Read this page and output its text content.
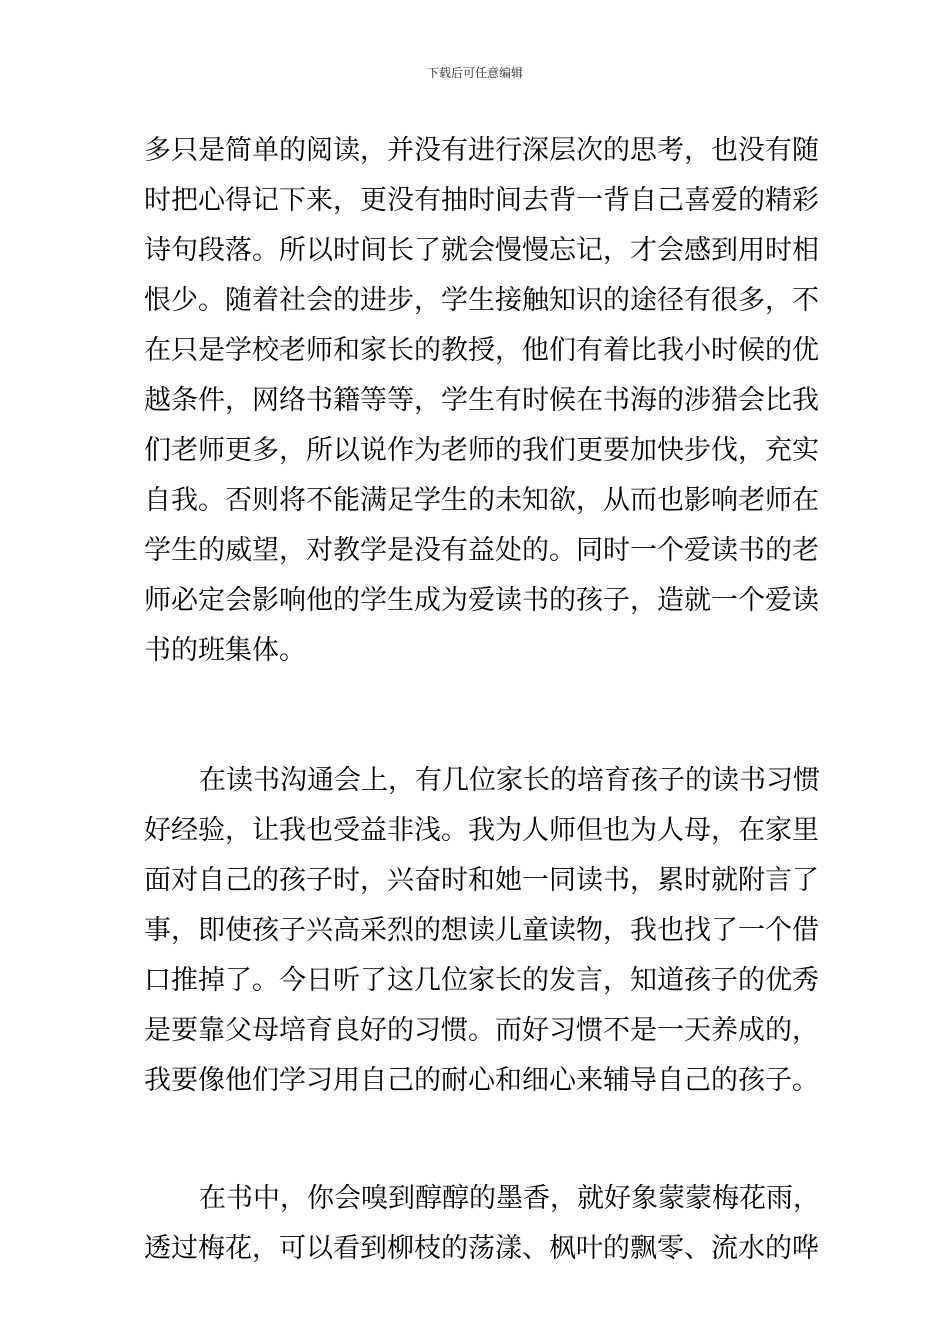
下载后可任意编辑
多只是简单的阅读，并没有进行深层次的思考，也没有随
时把心得记下来，更没有抽时间去背一背自己喜爱的精彩
诗句段落。所以时间长了就会慢慢忘记，才会感到用时相
恨少。随着社会的进步，学生接触知识的途径有很多，不
在只是学校老师和家长的教授，他们有着比我小时候的优
越条件，网络书籍等等，学生有时候在书海的涉猎会比我
们老师更多，所以说作为老师的我们更要加快步伐，充实
自我。否则将不能满足学生的未知欲，从而也影响老师在
学生的威望，对教学是没有益处的。同时一个爱读书的老
师必定会影响他的学生成为爱读书的孩子，造就一个爱读
书的班集体。
在读书沟通会上，有几位家长的培育孩子的读书习惯
好经验，让我也受益非浅。我为人师但也为人母，在家里
面对自己的孩子时，兴奋时和她一同读书，累时就附言了
事，即使孩子兴高采烈的想读儿童读物，我也找了一个借
口推掉了。今日听了这几位家长的发言，知道孩子的优秀
是要靠父母培育良好的习惯。而好习惯不是一天养成的，
我要像他们学习用自己的耐心和细心来辅导自己的孩子。
在书中，你会嗅到醇醇的墨香，就好象蒙蒙梅花雨，
透过梅花，可以看到柳枝的荡漾、枫叶的飘零、流水的哗
